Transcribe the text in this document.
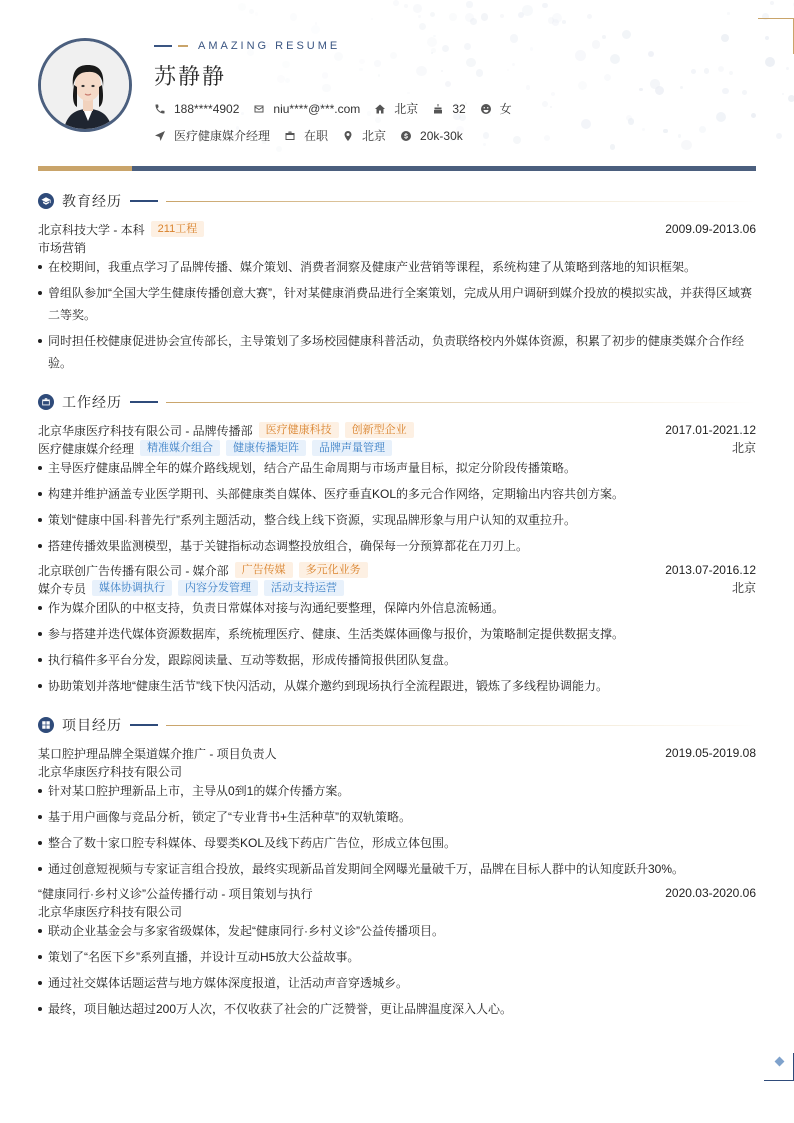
AMAZING RESUME
苏静静
188****4902	niu****@***.com	北京	32	女
医疗健康媒介经理	在职	北京	20k-30k
教育经历
北京科技大学 - 本科	211工程	2009.09-2013.06
市场营销
在校期间，我重点学习了品牌传播、媒介策划、消费者洞察及健康产业营销等课程，系统构建了从策略到落地的知识框架。
曾组队参加“全国大学生健康传播创意大赛”，针对某健康消费品进行全案策划，完成从用户调研到媒介投放的模拟实战，并获得区域赛二等奖。
同时担任校健康促进协会宣传部长，主导策划了多场校园健康科普活动，负责联络校内外媒体资源，积累了初步的健康类媒介合作经验。
工作经历
北京华康医疗科技有限公司 - 品牌传播部	医疗健康科技	创新型企业	2017.01-2021.12
医疗健康媒介经理	精准媒介组合	健康传播矩阵	品牌声量管理	北京
主导医疗健康品牌全年的媒介路线规划，结合产品生命周期与市场声量目标，拟定分阶段传播策略。
构建并维护涵盖专业医学期刊、头部健康类自媒体、医疗垂直KOL的多元合作网络，定期输出内容共创方案。
策划“健康中国·科普先行”系列主题活动，整合线上线下资源，实现品牌形象与用户认知的双重拉升。
搭建传播效果监测模型，基于关键指标动态调整投放组合，确保每一分预算都花在刀刃上。
北京联创广告传播有限公司 - 媒介部	广告传媒	多元化业务	2013.07-2016.12
媒介专员	媒体协调执行	内容分发管理	活动支持运营	北京
作为媒介团队的中枢支持，负责日常媒体对接与沟通纪要整理，保障内外信息流畅通。
参与搭建并迭代媒体资源数据库，系统梳理医疗、健康、生活类媒体画像与报价，为策略制定提供数据支撑。
执行稿件多平台分发，跟踪阅读量、互动等数据，形成传播简报供团队复盘。
协助策划并落地“健康生活节”线下快闪活动，从媒介邀约到现场执行全流程跟进，锻炼了多线程协调能力。
项目经历
某口腔护理品牌全渠道媒介推广 - 项目负责人	2019.05-2019.08
北京华康医疗科技有限公司
针对某口腔护理新品上市，主导从0到1的媒介传播方案。
基于用户画像与竞品分析，锁定了“专业背书+生活种草”的双轨策略。
整合了数十家口腔专科媒体、母婴类KOL及线下药店广告位，形成立体包围。
通过创意短视频与专家证言组合投放，最终实现新品首发期间全网曝光量破千万，品牌在目标人群中的认知度跃升30%。
“健康同行·乡村义诊”公益传播行动 - 项目策划与执行	2020.03-2020.06
北京华康医疗科技有限公司
联动企业基金会与多家省级媒体，发起“健康同行·乡村义诊”公益传播项目。
策划了“名医下乡”系列直播，并设计互动H5放大公益故事。
通过社交媒体话题运营与地方媒体深度报道，让活动声音穿透城乡。
最终，项目触达超过200万人次，不仅收获了社会的广泛赞誉，更让品牌温度深入人心。
